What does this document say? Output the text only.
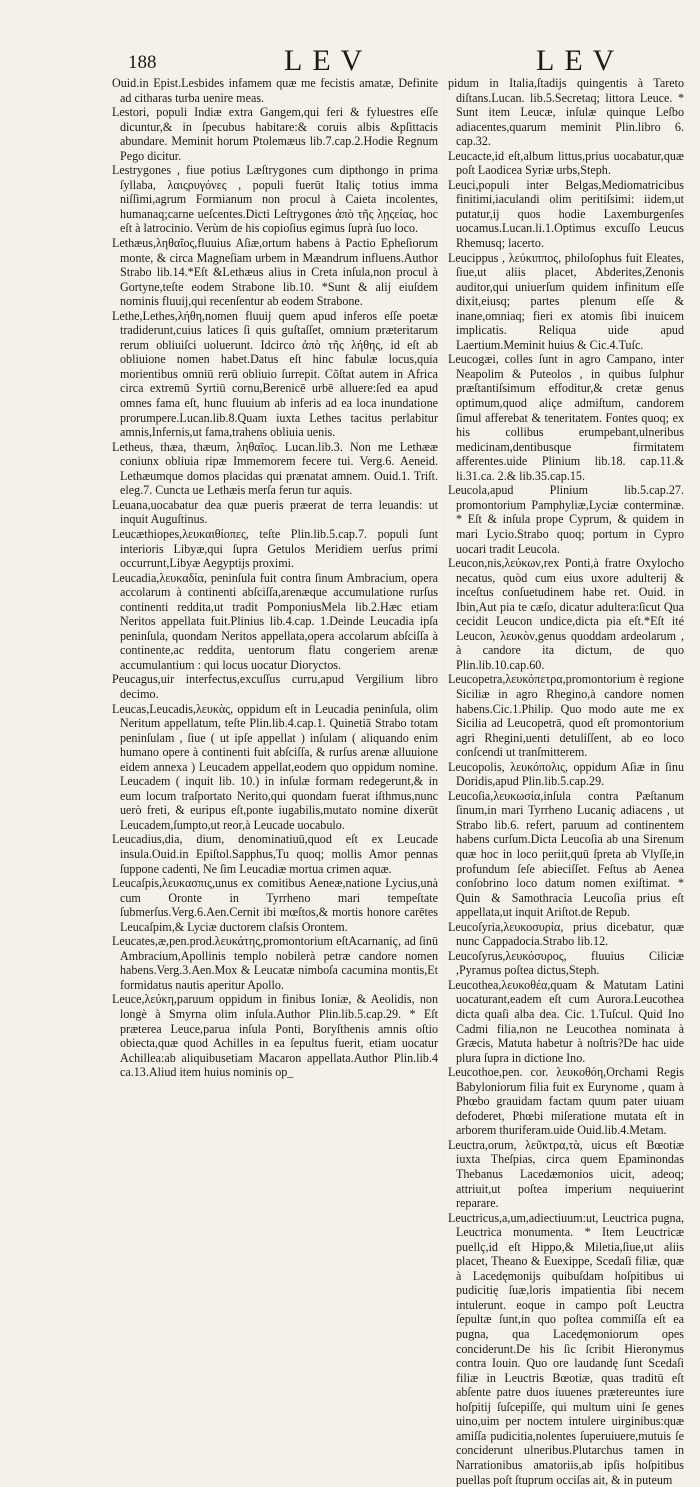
188	LEV	LEV

Ouid.in Epist.Lesbides infamem quæ me fecistis amatæ, Definite ad citharas turba uenire meas.

Lestori, populi Indiæ extra Gangem,qui feri & fyluestres eſſe dicuntur,& in ſpecubus habitare:& coruis albis &pſittacis abundare. Meminit horum Ptolemæus lib.7.cap.2.Hodie Regnum Pego dicitur.

Lestrygones , fiue potius Læſtrygones cum dipthongo in prima ſyllaba, λαιςρυγόνες , populi fuerūt Italiç totius imma niſſimi,agrum Formianum non procul à Caieta incolentes, humanaq;carne ueſcentes.Dicti Leſtrygones ἀπὸ τῆς λῃςείας, hoc eſt à latrocinio. Verùm de his copioſius egimus ſuprà ſuo loco.

Lethæus,ληθαῖος,fluuius Aſiæ,ortum habens à Pactio Epheſiorum monte, & circa Magneſiam urbem in Mæandrum influens.Author Strabo lib.14.*Eſt &Lethæus alius in Creta inſula,non procul à Gortyne,teſte eodem Strabone lib.10. *Sunt & alij eiuſdem nominis fluuij,qui recenſentur ab eodem Strabone.

Lethe,Lethes,λήθη,nomen fluuij quem apud inferos eſſe poetæ tradiderunt,cuius latices ſi quis guſtaſſet, omnium præteritarum rerum obliuiſci uoluerunt. Idcirco ἀπὸ τῆς λήθης, id eſt ab obliuione nomen habet.Datus eſt hinc fabulæ locus,quia morientibus omniū rerū obliuio ſurrepit. Cõſtat autem in Africa circa extremū Syrtiū cornu,Berenicē urbē alluere:ſed ea apud omnes fama eſt, hunc fluuium ab inferis ad ea loca inundatione prorumpere.Lucan.lib.8.Quam iuxta Lethes tacitus perlabitur amnis,Infernis,ut fama,trahens obliuia uenis.

Letheus, thæa, thæum, ληθαῖος. Lucan.lib.3. Non me Lethææ coniunx obliuia ripæ Immemorem fecere tui. Verg.6. Aeneid. Lethæumque domos placidas qui prænatat amnem. Ouid.1. Triſt. eleg.7. Cuncta ue Lethæis merſa ferun tur aquis.

Leuana,uocabatur dea quæ pueris præerat de terra leuandis: ut inquit Auguſtinus.

Leucæthiopes,λευκαιθίοπες, teſte Plin.lib.5.cap.7. populi ſunt interioris Libyæ,qui ſupra Getulos Meridiem uerſus primi occurrunt,Libyæ Aegyptijs proximi.

Leucadia,λευκαδία, peninſula fuit contra ſinum Ambracium, opera accolarum à continenti abſciſſa,arenæque accumulatione rurſus continenti reddita,ut tradit PomponiusMela lib.2.Hæc etiam Neritos appellata fuit.Plinius lib.4.cap. 1.Deinde Leucadia ipſa peninſula, quondam Neritos appellata,opera accolarum abſciſſa à continente,ac reddita, uentorum flatu congeriem arenæ accumulantium : qui locus uocatur Dioryctos.

Peucagus,uir interfectus,excuſſus curru,apud Vergilium libro decimo.

Leucas,Leucadis,λευκὰς, oppidum eſt in Leucadia peninſula, olim Neritum appellatum, teſte Plin.lib.4.cap.1. Quinetiā Strabo totam peninſulam , ſiue ( ut ipſe appellat ) inſulam ( aliquando enim humano opere à continenti fuit abſciſſa, & rurſus arenæ alluuione eidem annexa ) Leucadem appellat,eodem quo oppidum nomine. Leucadem ( inquit lib. 10.) in inſulæ formam redegerunt,& in eum locum traſportato Nerito,qui quondam fuerat iſthmus,nunc uerò freti, & euripus eſt,ponte iugabilis,mutato nomine dixerūt Leucadem,ſumpto,ut reor,à Leucade uocabulo.

Leucadius,dia, dium, denominatiuū,quod eſt ex Leucade insula.Ouid.in Epiſtol.Sapphus,Tu quoq; mollis Amor pennas ſuppone cadenti, Ne ſim Leucadiæ mortua crimen aquæ.

Leucaſpis,λευκασπις,unus ex comitibus Aeneæ,natione Lycius,unà cum Oronte in Tyrrheno mari tempeſtate ſubmerſus.Verg.6.Aen.Cernit ibi mœſtos,& mortis honore carētes Leucaſpim,& Lyciæ ductorem claſsis Orontem.

Leucates,æ,pen.prod.λευκάτης,promontorium eſtAcarnaniç, ad ſinū Ambracium,Apollinis templo nobilerà petræ candore nomen habens.Verg.3.Aen.Mox & Leucatæ nimboſa cacumina montis,Et formidatus nautis aperitur Apollo.

Leuce,λεύκη,paruum oppidum in finibus Ioniæ, & Aeolidis, non longè à Smyrna olim inſula.Author Plin.lib.5.cap.29. * Eſt præterea Leuce,parua inſula Ponti, Boryſthenis amnis oſtio obiecta,quæ quod Achilles in ea ſepultus fuerit, etiam uocatur Achillea:ab aliquibusetiam Macaron appellata.Author Plin.lib.4 ca.13.Aliud item huius nominis op_

pidum in Italia,ſtadijs quingentis à Tareto diſtans.Lucan. lib.5.Secretaq; littora Leuce. * Sunt item Leucæ, inſulæ quinque Leſbo adiacentes,quarum meminit Plin.libro 6. cap.32.

Leucacte,id eſt,album littus,prius uocabatur,quæ poſt Laodicea Syriæ urbs,Steph.

Leuci,populi inter Belgas,Mediomatricibus finitimi,iaculandi olim peritiſsimi: iidem,ut putatur,ij quos hodie Laxemburgenſes uocamus.Lucan.li.1.Optimus excuſſo Leucus Rhemusq; lacerto.

Leucippus , λεύκιππος, philoſophus fuit Eleates, ſiue,ut aliis placet, Abderites,Zenonis auditor,qui uniuerſum quidem infinitum eſſe dixit,eiusq; partes plenum eſſe & inane,omniaq; fieri ex atomis ſibi inuicem implicatis. Reliqua uide apud Laertium.Meminit huius & Cic.4.Tuſc.

Leucogæi, colles ſunt in agro Campano, inter Neapolim & Puteolos , in quibus ſulphur præſtantiſsimum effoditur,& cretæ genus optimum,quod aliçe admiſtum, candorem ſimul afferebat & teneritatem. Fontes quoq; ex his collibus erumpebant,ulneribus medicinam,dentibusque firmitatem afferentes.uide Plinium lib.18. cap.11.& li.31.ca. 2.& lib.35.cap.15.

Leucola,apud Plinium lib.5.cap.27. promontorium Pamphyliæ,Lyciæ conterminæ. * Eſt & inſula prope Cyprum, & quidem in mari Lycio.Strabo quoq; portum in Cypro uocari tradit Leucola.

Leucon,nis,λεύκων,rex Ponti,à fratre Oxylocho necatus, quòd cum eius uxore adulterij & inceſtus conſuetudinem habe ret. Ouid. in Ibin,Aut pia te cæſo, dicatur adultera:ſicut Qua cecidit Leucon undice,dicta pia eſt.*Eſt ité Leucon, λευκὸν,genus quoddam ardeolarum , à candore ita dictum, de quo Plin.lib.10.cap.60.

Leucopetra,λευκόπετρα,promontorium è regione Siciliæ in agro Rhegino,à candore nomen habens.Cic.1.Philip. Quo modo aute me ex Sicilia ad Leucopetrā, quod eſt promontorium agri Rhegini,uenti detuliſſent, ab eo loco conſcendi ut tranſmitterem.

Leucopolis, λευκόπολις, oppidum Aſiæ in ſinu Doridis,apud Plin.lib.5.cap.29.

Leucoſia,λευκωσία,inſula contra Pæſtanum ſinum,in mari Tyrrheno Lucaniç adiacens , ut Strabo lib.6. refert, paruum ad continentem habens curſum.Dicta Leucoſia ab una Sirenum quæ hoc in loco periit,quū ſpreta ab Vlyſſe,in profundum ſeſe abieciſſet. Feſtus ab Aenea conſobrino loco datum nomen exiſtimat. * Quin & Samothracia Leucoſia prius eſt appellata,ut inquit Ariſtot.de Repub.

Leucoſyria,λευκοσυρία, prius dicebatur, quæ nunc Cappadocia.Strabo lib.12.

Leucoſyrus,λευκόσυρος, fluuius Ciliciæ ,Pyramus poſtea dictus,Steph.

Leucothea,λευκοθέα,quam & Matutam Latini uocaturant,eadem eſt cum Aurora.Leucothea dicta quaſi alba dea. Cic. 1.Tuſcul. Quid Ino Cadmi filia,non ne Leucothea nominata à Græcis, Matuta habetur à noſtris?De hac uide plura ſupra in dictione Ino.

Leucothoe,pen. cor. λευκοθόη,Orchami Regis Babyloniorum filia fuit ex Eurynome , quam à Phœbo grauidam factam quum pater uiuam defoderet, Phœbi miſeratione mutata eſt in arborem thuriferam.uide Ouid.lib.4.Metam.

Leuctra,orum, λεῦκτρα,τὰ, uicus eſt Bœotiæ iuxta Theſpias, circa quem Epaminondas Thebanus Lacedæmonios uicit, adeoq; attriuit,ut poſtea imperium nequiuerint reparare.

Leuctricus,a,um,adiectiuum:ut, Leuctrica pugna, Leuctrica monumenta. * Item Leuctricæ puellç,id eſt Hippo,& Miletia,ſiue,ut aliis placet, Theano & Euexippe, Scedaſi filiæ, quæ à Lacedęmonijs quibuſdam hoſpitibus ui pudicitię ſuæ,loris impatientia ſibi necem intulerunt. eoque in campo poſt Leuctra ſepultæ ſunt,in quo poſtea commiſſa eſt ea pugna, qua Lacedęmoniorum opes conciderunt.De his ſic ſcribit Hieronymus contra Iouin. Quo ore laudandę ſunt Scedaſi filiæ in Leuctris Bœotiæ, quas traditū eſt abſente patre duos iuuenes prætereuntes iure hoſpitij ſuſcepiſſe, qui multum uini ſe genes uino,uim per noctem intulere uirginibus:quæ amiſſa pudicitia,nolentes ſuperuiuere,mutuis ſe conciderunt ulneribus.Plutarchus tamen in Narrationibus amatoriis,ab ipſis hoſpitibus puellas poſt ſtuprum occiſas ait, & in puteum
